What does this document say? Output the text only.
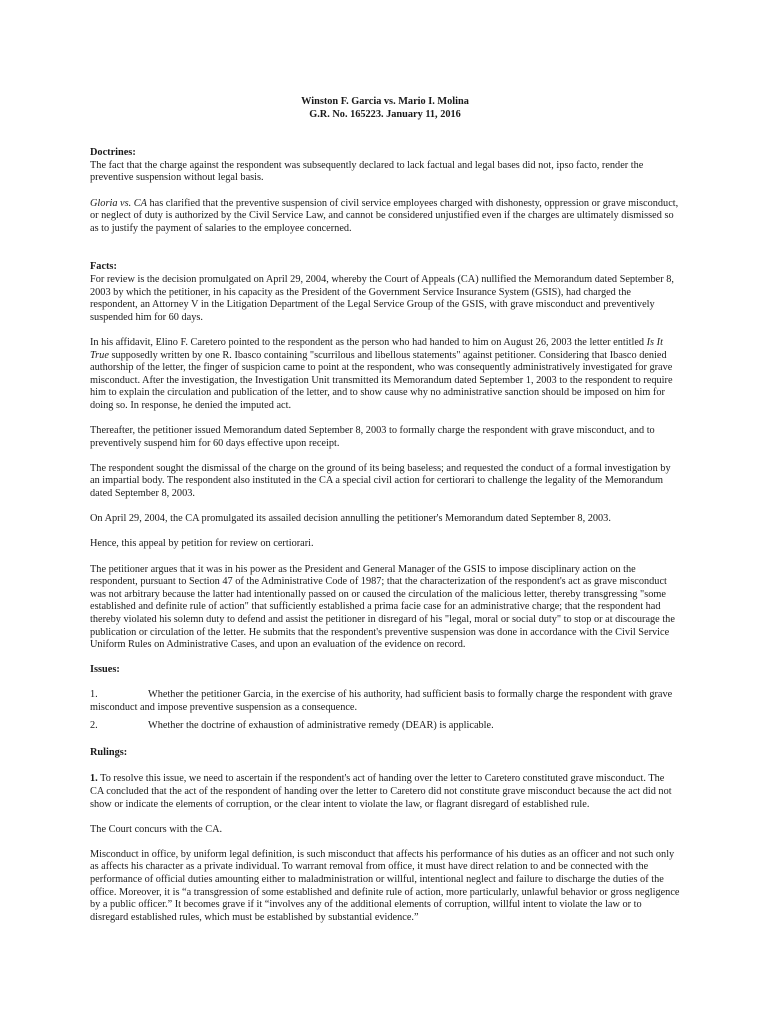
Winston F. Garcia vs. Mario I. Molina

G.R. No. 165223. January 11, 2016

Doctrines:

The fact that the charge against the respondent was subsequently declared to lack factual and legal bases did not, ipso facto, render the preventive suspension without legal basis.

Gloria vs. CA has clarified that the preventive suspension of civil service employees charged with dishonesty, oppression or grave misconduct, or neglect of duty is authorized by the Civil Service Law, and cannot be considered unjustified even if the charges are ultimately dismissed so as to justify the payment of salaries to the employee concerned.

Facts:

For review is the decision promulgated on April 29, 2004, whereby the Court of Appeals (CA) nullified the Memorandum dated September 8, 2003 by which the petitioner, in his capacity as the President of the Government Service Insurance System (GSIS), had charged the respondent, an Attorney V in the Litigation Department of the Legal Service Group of the GSIS, with grave misconduct and preventively suspended him for 60 days.

In his affidavit, Elino F. Caretero pointed to the respondent as the person who had handed to him on August 26, 2003 the letter entitled Is It True supposedly written by one R. Ibasco containing "scurrilous and libellous statements" against petitioner. Considering that Ibasco denied authorship of the letter, the finger of suspicion came to point at the respondent, who was consequently administratively investigated for grave misconduct. After the investigation, the Investigation Unit transmitted its Memorandum dated September 1, 2003 to the respondent to require him to explain the circulation and publication of the letter, and to show cause why no administrative sanction should be imposed on him for doing so. In response, he denied the imputed act.

Thereafter, the petitioner issued Memorandum dated September 8, 2003 to formally charge the respondent with grave misconduct, and to preventively suspend him for 60 days effective upon receipt.

The respondent sought the dismissal of the charge on the ground of its being baseless; and requested the conduct of a formal investigation by an impartial body. The respondent also instituted in the CA a special civil action for certiorari to challenge the legality of the Memorandum dated September 8, 2003.

On April 29, 2004, the CA promulgated its assailed decision annulling the petitioner's Memorandum dated September 8, 2003.

Hence, this appeal by petition for review on certiorari.

The petitioner argues that it was in his power as the President and General Manager of the GSIS to impose disciplinary action on the respondent, pursuant to Section 47 of the Administrative Code of 1987; that the characterization of the respondent's act as grave misconduct was not arbitrary because the latter had intentionally passed on or caused the circulation of the malicious letter, thereby transgressing "some established and definite rule of action" that sufficiently established a prima facie case for an administrative charge; that the respondent had thereby violated his solemn duty to defend and assist the petitioner in disregard of his "legal, moral or social duty" to stop or at discourage the publication or circulation of the letter. He submits that the respondent's preventive suspension was done in accordance with the Civil Service Uniform Rules on Administrative Cases, and upon an evaluation of the evidence on record.

Issues:

1.	Whether the petitioner Garcia, in the exercise of his authority, had sufficient basis to formally charge the respondent with grave misconduct and impose preventive suspension as a consequence.

2.	Whether the doctrine of exhaustion of administrative remedy (DEAR) is applicable.

Rulings:

1. To resolve this issue, we need to ascertain if the respondent's act of handing over the letter to Caretero constituted grave misconduct. The CA concluded that the act of the respondent of handing over the letter to Caretero did not constitute grave misconduct because the act did not show or indicate the elements of corruption, or the clear intent to violate the law, or flagrant disregard of established rule.

The Court concurs with the CA.

Misconduct in office, by uniform legal definition, is such misconduct that affects his performance of his duties as an officer and not such only as affects his character as a private individual. To warrant removal from office, it must have direct relation to and be connected with the performance of official duties amounting either to maladministration or willful, intentional neglect and failure to discharge the duties of the office. Moreover, it is “a transgression of some established and definite rule of action, more particularly, unlawful behavior or gross negligence by a public officer.” It becomes grave if it “involves any of the additional elements of corruption, willful intent to violate the law or to disregard established rules, which must be established by substantial evidence.”
